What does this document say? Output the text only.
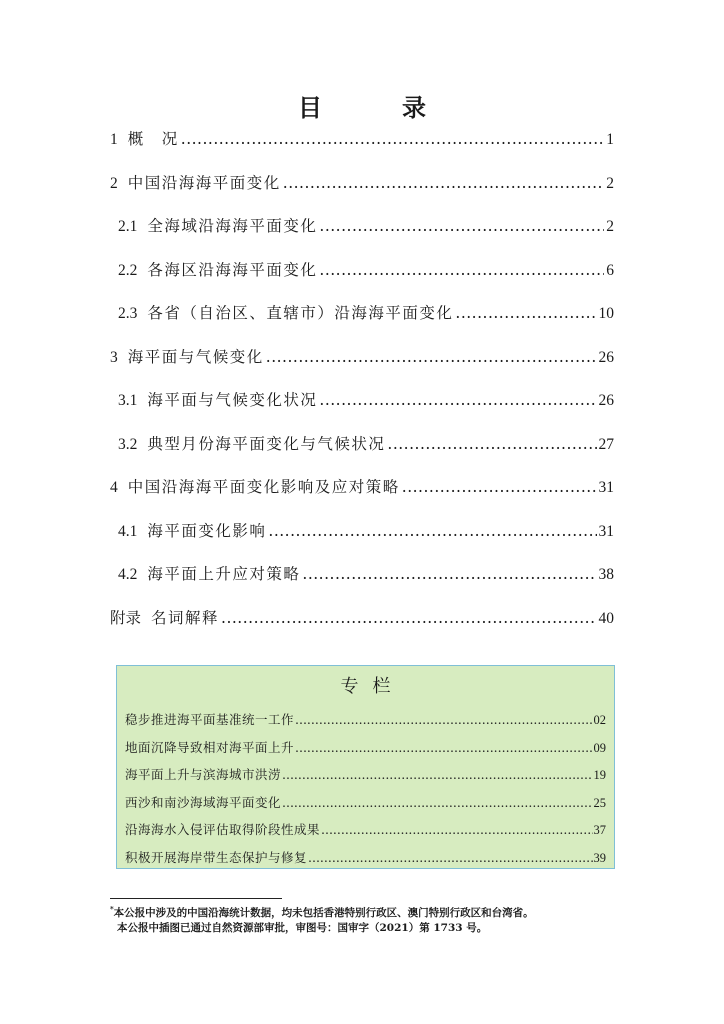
目　录
1 概　况 .....	1
2 中国沿海海平面变化 .....	2
2.1 全海域沿海海平面变化 .....	2
2.2 各海区沿海海平面变化 .....	6
2.3 各省（自治区、直辖市）沿海海平面变化 .....	10
3 海平面与气候变化 .....	26
3.1 海平面与气候变化状况 .....	26
3.2 典型月份海平面变化与气候状况 .....	27
4 中国沿海海平面变化影响及应对策略 .....	31
4.1 海平面变化影响 .....	31
4.2 海平面上升应对策略 .....	38
附录 名词解释 .....	40
专栏
稳步推进海平面基准统一工作 .....	02
地面沉降导致相对海平面上升 .....	09
海平面上升与滨海城市洪涝 .....	19
西沙和南沙海域海平面变化 .....	25
沿海海水入侵评估取得阶段性成果 .....	37
积极开展海岸带生态保护与修复 .....	39
*本公报中涉及的中国沿海统计数据，均未包括香港特别行政区、澳门特别行政区和台湾省。
本公报中插图已通过自然资源部审批，审图号：国审字（2021）第 1733 号。
